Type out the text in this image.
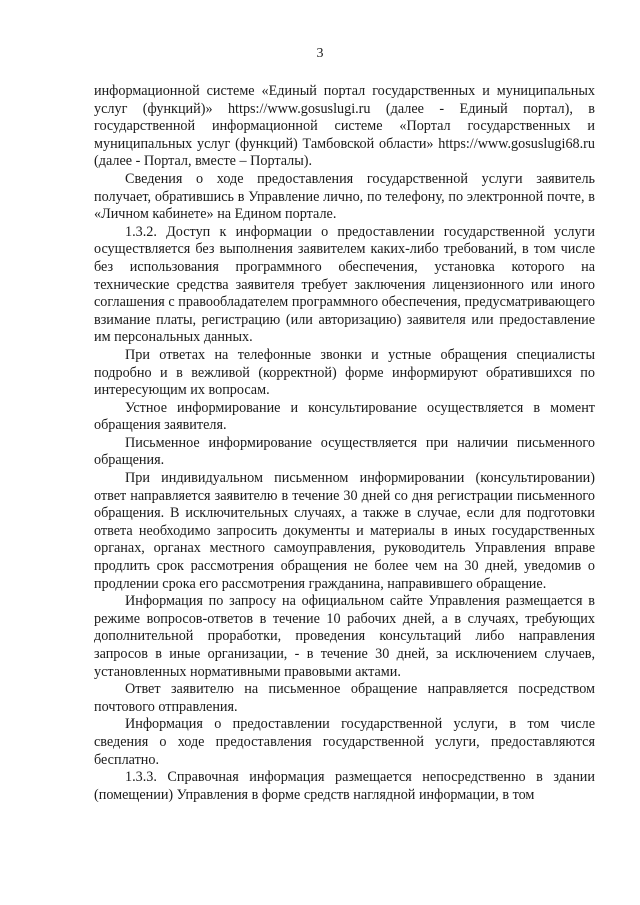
3

информационной системе «Единый портал государственных и муниципальных услуг (функций)» https://www.gosuslugi.ru (далее - Единый портал), в государственной информационной системе «Портал государственных и муниципальных услуг (функций) Тамбовской области» https://www.gosuslugi68.ru (далее - Портал, вместе – Порталы).

Сведения о ходе предоставления государственной услуги заявитель получает, обратившись в Управление лично, по телефону, по электронной почте, в «Личном кабинете» на Едином портале.

1.3.2. Доступ к информации о предоставлении государственной услуги осуществляется без выполнения заявителем каких-либо требований, в том числе без использования программного обеспечения, установка которого на технические средства заявителя требует заключения лицензионного или иного соглашения с правообладателем программного обеспечения, предусматривающего взимание платы, регистрацию (или авторизацию) заявителя или предоставление им персональных данных.

При ответах на телефонные звонки и устные обращения специалисты подробно и в вежливой (корректной) форме информируют обратившихся по интересующим их вопросам.

Устное информирование и консультирование осуществляется в момент обращения заявителя.

Письменное информирование осуществляется при наличии письменного обращения.

При индивидуальном письменном информировании (консультировании) ответ направляется заявителю в течение 30 дней со дня регистрации письменного обращения. В исключительных случаях, а также в случае, если для подготовки ответа необходимо запросить документы и материалы в иных государственных органах, органах местного самоуправления, руководитель Управления вправе продлить срок рассмотрения обращения не более чем на 30 дней, уведомив о продлении срока его рассмотрения гражданина, направившего обращение.

Информация по запросу на официальном сайте Управления размещается в режиме вопросов-ответов в течение 10 рабочих дней, а в случаях, требующих дополнительной проработки, проведения консультаций либо направления запросов в иные организации, - в течение 30 дней, за исключением случаев, установленных нормативными правовыми актами.

Ответ заявителю на письменное обращение направляется посредством почтового отправления.

Информация о предоставлении государственной услуги, в том числе сведения о ходе предоставления государственной услуги, предоставляются бесплатно.

1.3.3. Справочная информация размещается непосредственно в здании (помещении) Управления в форме средств наглядной информации, в том
